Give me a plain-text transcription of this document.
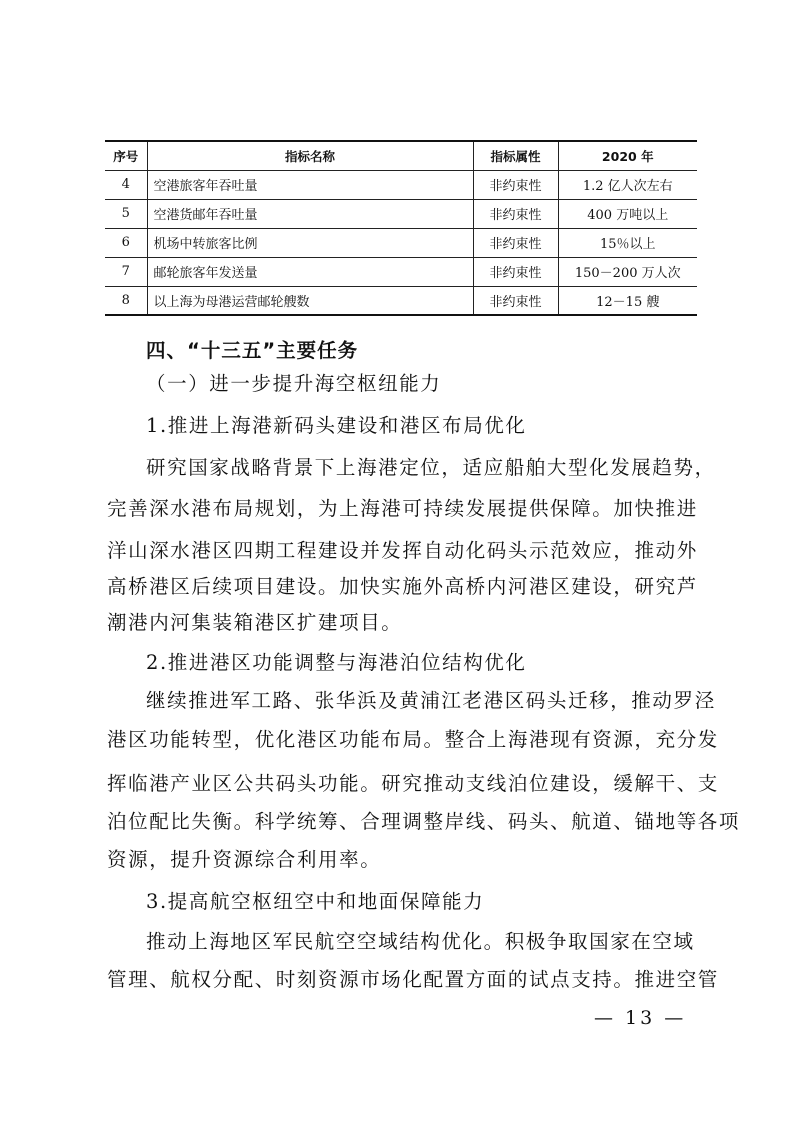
序号	指标名称	指标属性	2020 年
4	空港旅客年吞吐量	非约束性	1.2 亿人次左右
5	空港货邮年吞吐量	非约束性	400 万吨以上
6	机场中转旅客比例	非约束性	15％以上
7	邮轮旅客年发送量	非约束性	150－200 万人次
8	以上海为母港运营邮轮艘数	非约束性	12－15 艘
四、“十三五”主要任务
（一）进一步提升海空枢纽能力
1.推进上海港新码头建设和港区布局优化
研究国家战略背景下上海港定位，适应船舶大型化发展趋势，
完善深水港布局规划，为上海港可持续发展提供保障。加快推进
洋山深水港区四期工程建设并发挥自动化码头示范效应，推动外
高桥港区后续项目建设。加快实施外高桥内河港区建设，研究芦
潮港内河集装箱港区扩建项目。
2.推进港区功能调整与海港泊位结构优化
继续推进军工路、张华浜及黄浦江老港区码头迁移，推动罗泾
港区功能转型，优化港区功能布局。整合上海港现有资源，充分发
挥临港产业区公共码头功能。研究推动支线泊位建设，缓解干、支
泊位配比失衡。科学统筹、合理调整岸线、码头、航道、锚地等各项
资源，提升资源综合利用率。
3.提高航空枢纽空中和地面保障能力
推动上海地区军民航空空域结构优化。积极争取国家在空域
管理、航权分配、时刻资源市场化配置方面的试点支持。推进空管
— 13 —
